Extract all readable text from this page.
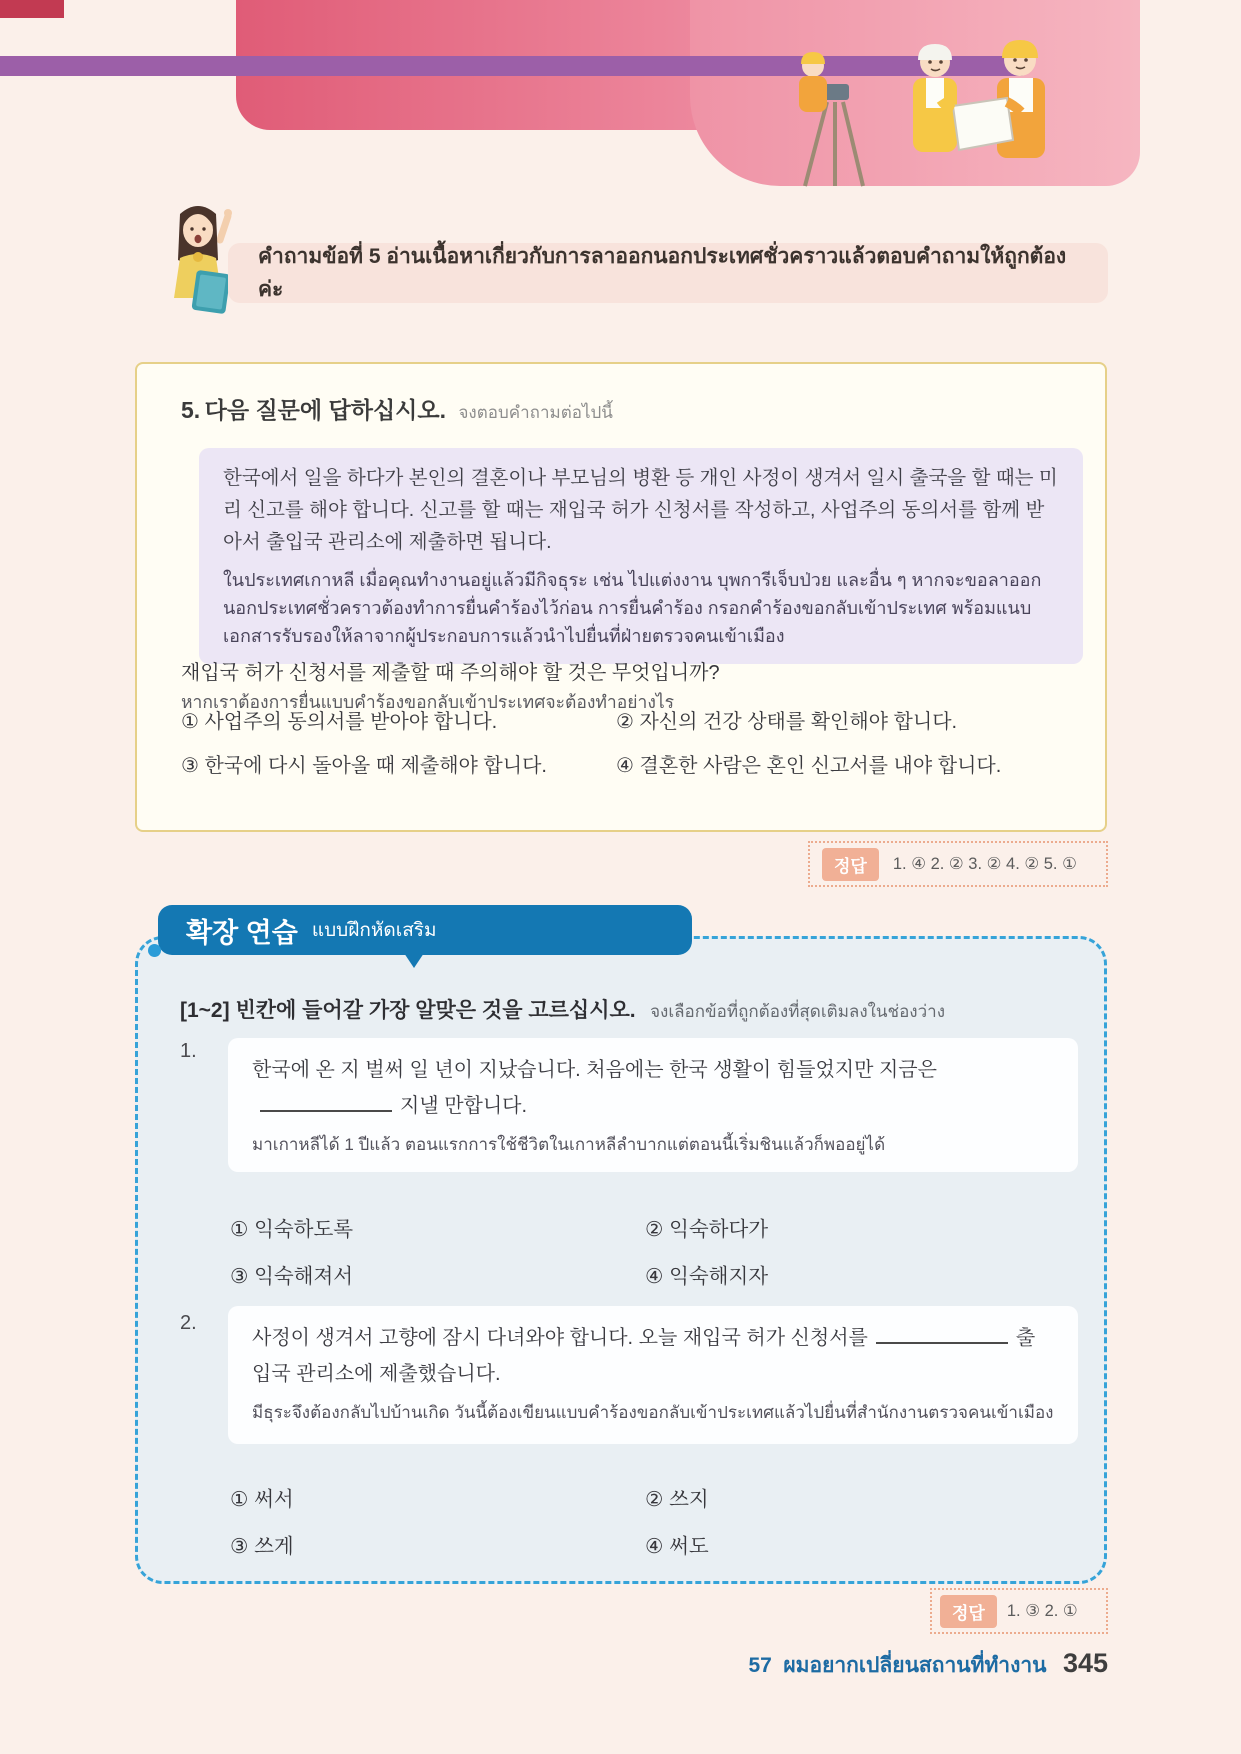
คำถามข้อที่ 5 อ่านเนื้อหาเกี่ยวกับการลาออกนอกประเทศชั่วคราวแล้วตอบคำถามให้ถูกต้องค่ะ
5. 다음 질문에 답하십시오. จงตอบคำถามต่อไปนี้

한국에서 일을 하다가 본인의 결혼이나 부모님의 병환 등 개인 사정이 생겨서 일시 출국을 할 때는 미리 신고를 해야 합니다. 신고를 할 때는 재입국 허가 신청서를 작성하고, 사업주의 동의서를 함께 받아서 출입국 관리소에 제출하면 됩니다.

ในประเทศเกาหลี เมื่อคุณทำงานอยู่แล้วมีกิจธุระ เช่น ไปแต่งงาน บุพการีเจ็บป่วย และอื่น ๆ หากจะขอลาออกนอกประเทศชั่วคราวต้องทำการยื่นคำร้องไว้ก่อน การยื่นคำร้อง กรอกคำร้องขอกลับเข้าประเทศ พร้อมแนบเอกสารรับรองให้ลาจากผู้ประกอบการแล้วนำไปยื่นที่ฝ่ายตรวจคนเข้าเมือง

재입국 허가 신청서를 제출할 때 주의해야 할 것은 무엇입니까?
หากเราต้องการยื่นแบบคำร้องขอกลับเข้าประเทศจะต้องทำอย่างไร
① 사업주의 동의서를 받아야 합니다.	② 자신의 건강 상태를 확인해야 합니다.
③ 한국에 다시 돌아올 때 제출해야 합니다.	④ 결혼한 사람은 혼인 신고서를 내야 합니다.
정답	1. ④ 2. ② 3. ② 4. ② 5. ①
확장 연습 แบบฝึกหัดเสริม
[1~2] 빈칸에 들어갈 가장 알맞은 것을 고르십시오. จงเลือกข้อที่ถูกต้องที่สุดเติมลงในช่องว่าง
1.

한국에 온 지 벌써 일 년이 지났습니다. 처음에는 한국 생활이 힘들었지만 지금은지낼 만합니다.

มาเกาหลีได้ 1 ปีแล้ว ตอนแรกการใช้ชีวิตในเกาหลีลำบากแต่ตอนนี้เริ่มชินแล้วก็พออยู่ได้

① 익숙하도록	② 익숙하다가
③ 익숙해져서	④ 익숙해지자
2.

사정이 생겨서 고향에 잠시 다녀와야 합니다. 오늘 재입국 허가 신청서를	출입국 관리소에 제출했습니다.

มีธุระจึงต้องกลับไปบ้านเกิด วันนี้ต้องเขียนแบบคำร้องขอกลับเข้าประเทศแล้วไปยื่นที่สำนักงานตรวจคนเข้าเมือง

① 써서	② 쓰지
③ 쓰게	④ 써도
정답	1. ③ 2. ①
57 ผมอยากเปลี่ยนสถานที่ทำงาน 345
